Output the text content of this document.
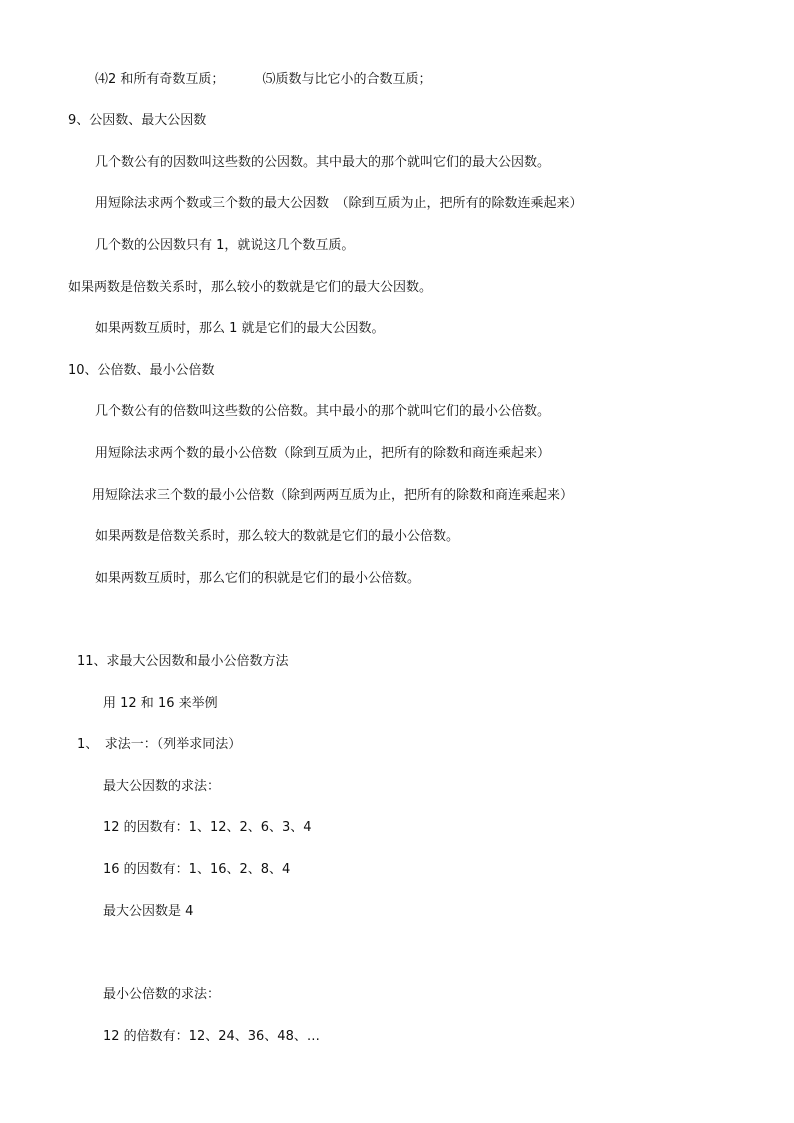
⑷2 和所有奇数互质；	⑸质数与比它小的合数互质；
9、公因数、最大公因数
几个数公有的因数叫这些数的公因数。其中最大的那个就叫它们的最大公因数。
用短除法求两个数或三个数的最大公因数　（除到互质为止，把所有的除数连乘起来）
几个数的公因数只有 1，就说这几个数互质。
如果两数是倍数关系时，那么较小的数就是它们的最大公因数。
如果两数互质时，那么 1 就是它们的最大公因数。
10、公倍数、最小公倍数
几个数公有的倍数叫这些数的公倍数。其中最小的那个就叫它们的最小公倍数。
用短除法求两个数的最小公倍数（除到互质为止，把所有的除数和商连乘起来）
用短除法求三个数的最小公倍数（除到两两互质为止，把所有的除数和商连乘起来）
如果两数是倍数关系时，那么较大的数就是它们的最小公倍数。
如果两数互质时，那么它们的积就是它们的最小公倍数。
11、求最大公因数和最小公倍数方法
用 12 和 16 来举例
1、　求法一：（列举求同法）
最大公因数的求法：
12 的因数有：1、12、2、6、3、4
16 的因数有：1、16、2、8、4
最大公因数是 4
最小公倍数的求法：
12 的倍数有：12、24、36、48、…
